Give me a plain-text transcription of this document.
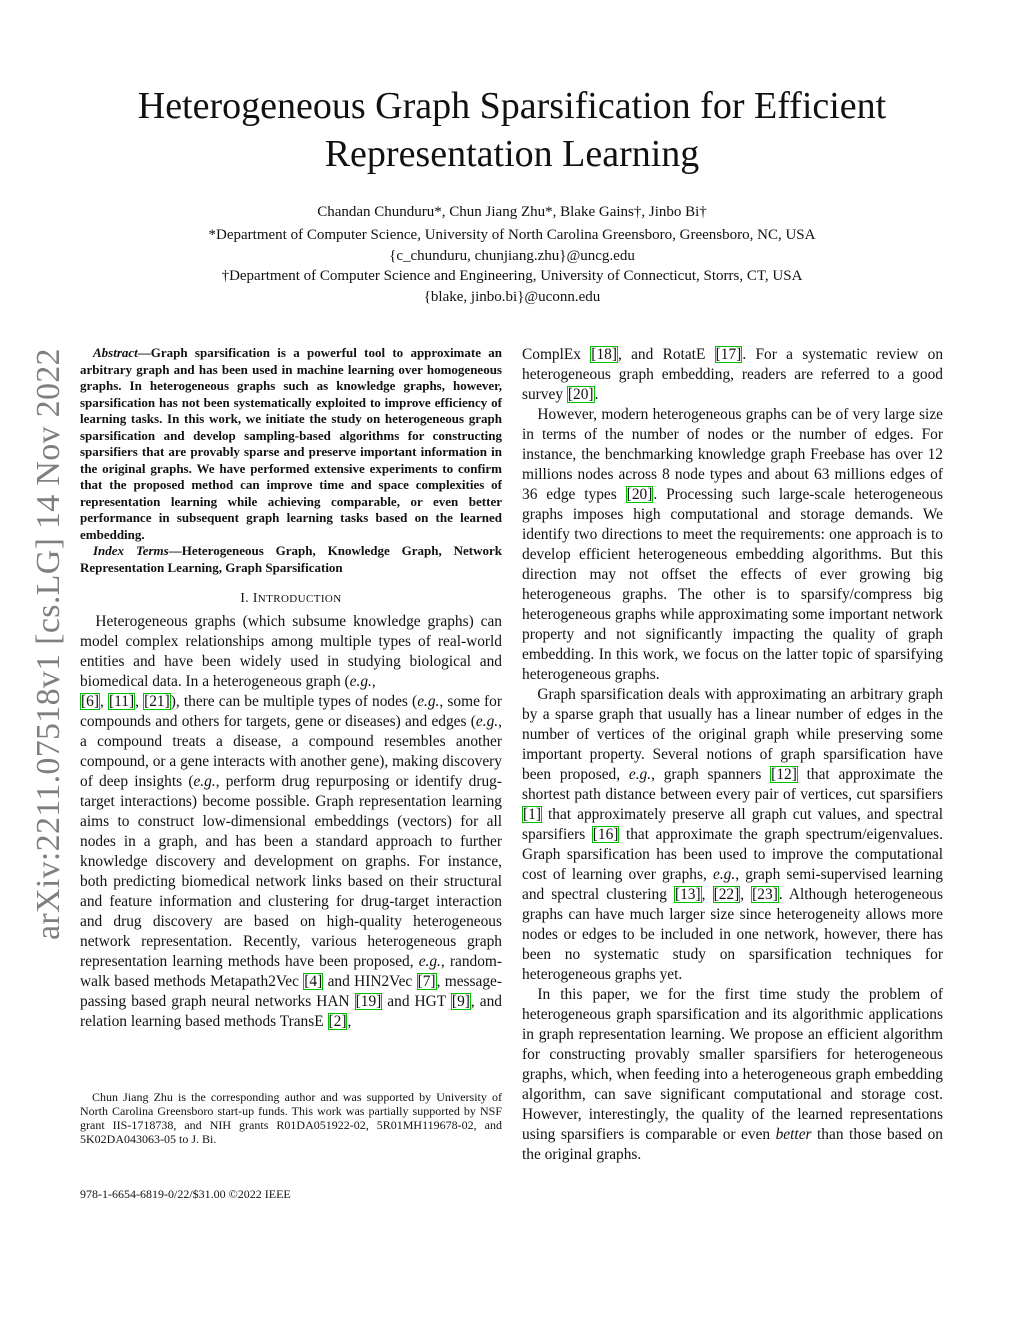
arXiv:2211.07518v1 [cs.LG] 14 Nov 2022
Heterogeneous Graph Sparsification for Efficient Representation Learning
Chandan Chunduru*, Chun Jiang Zhu*, Blake Gains†, Jinbo Bi†
*Department of Computer Science, University of North Carolina Greensboro, Greensboro, NC, USA
{c_chunduru, chunjiang.zhu}@uncg.edu
†Department of Computer Science and Engineering, University of Connecticut, Storrs, CT, USA
{blake, jinbo.bi}@uconn.edu

Abstract—Graph sparsification is a powerful tool to approximate an arbitrary graph and has been used in machine learning over homogeneous graphs. In heterogeneous graphs such as knowledge graphs, however, sparsification has not been systematically exploited to improve efficiency of learning tasks. In this work, we initiate the study on heterogeneous graph sparsification and develop sampling-based algorithms for constructing sparsifiers that are provably sparse and preserve important information in the original graphs. We have performed extensive experiments to confirm that the proposed method can improve time and space complexities of representation learning while achieving comparable, or even better performance in subsequent graph learning tasks based on the learned embedding.

Index Terms—Heterogeneous Graph, Knowledge Graph, Network Representation Learning, Graph Sparsification

I. INTRODUCTION

Heterogeneous graphs (which subsume knowledge graphs) can model complex relationships among multiple types of real-world entities and have been widely used in studying biological and biomedical data. In a heterogeneous graph (e.g.,
[6], [11], [21]), there can be multiple types of nodes (e.g., some for compounds and others for targets, gene or diseases) and edges (e.g., a compound treats a disease, a compound resembles another compound, or a gene interacts with another gene), making discovery of deep insights (e.g., perform drug repurposing or identify drug-target interactions) become possible. Graph representation learning aims to construct low-dimensional embeddings (vectors) for all nodes in a graph, and has been a standard approach to further knowledge discovery and development on graphs. For instance, both predicting biomedical network links based on their structural and feature information and clustering for drug-target interaction and drug discovery are based on high-quality heterogeneous network representation. Recently, various heterogeneous graph representation learning methods have been proposed, e.g., random-walk based methods Metapath2Vec [4] and HIN2Vec [7], message-passing based graph neural networks HAN [19] and HGT [9], and relation learning based methods TransE [2],

Chun Jiang Zhu is the corresponding author and was supported by University of North Carolina Greensboro start-up funds. This work was partially supported by NSF grant IIS-1718738, and NIH grants R01DA051922-02, 5R01MH119678-02, and 5K02DA043063-05 to J. Bi.

978-1-6654-6819-0/22/$31.00 ©2022 IEEE

ComplEx [18], and RotatE [17]. For a systematic review on heterogeneous graph embedding, readers are referred to a good survey [20].

However, modern heterogeneous graphs can be of very large size in terms of the number of nodes or the number of edges. For instance, the benchmarking knowledge graph Freebase has over 12 millions nodes across 8 node types and about 63 millions edges of 36 edge types [20]. Processing such large-scale heterogeneous graphs imposes high computational and storage demands. We identify two directions to meet the requirements: one approach is to develop efficient heterogeneous embedding algorithms. But this direction may not offset the effects of ever growing big heterogeneous graphs. The other is to sparsify/compress big heterogeneous graphs while approximating some important network property and not significantly impacting the quality of graph embedding. In this work, we focus on the latter topic of sparsifying heterogeneous graphs.

Graph sparsification deals with approximating an arbitrary graph by a sparse graph that usually has a linear number of edges in the number of vertices of the original graph while preserving some important property. Several notions of graph sparsification have been proposed, e.g., graph spanners [12] that approximate the shortest path distance between every pair of vertices, cut sparsifiers [1] that approximately preserve all graph cut values, and spectral sparsifiers [16] that approximate the graph spectrum/eigenvalues. Graph sparsification has been used to improve the computational cost of learning over graphs, e.g., graph semi-supervised learning and spectral clustering [13], [22], [23]. Although heterogeneous graphs can have much larger size since heterogeneity allows more nodes or edges to be included in one network, however, there has been no systematic study on sparsification techniques for heterogeneous graphs yet.

In this paper, we for the first time study the problem of heterogeneous graph sparsification and its algorithmic applications in graph representation learning. We propose an efficient algorithm for constructing provably smaller sparsifiers for heterogeneous graphs, which, when feeding into a heterogeneous graph embedding algorithm, can save significant computational and storage cost. However, interestingly, the quality of the learned representations using sparsifiers is comparable or even better than those based on the original graphs.
